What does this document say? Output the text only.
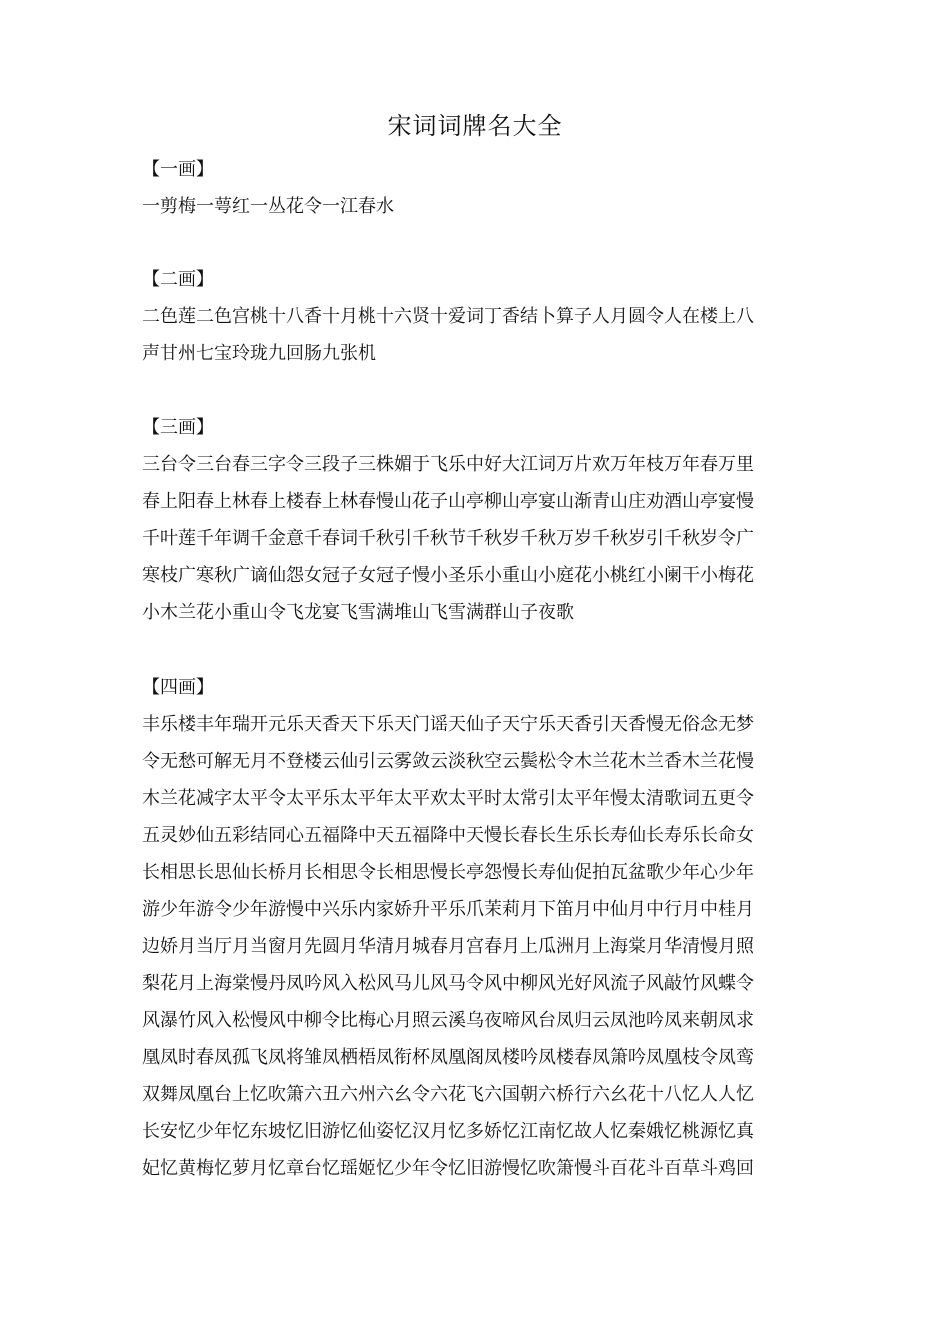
宋词词牌名大全
【一画】
一剪梅一萼红一丛花令一江春水
【二画】
二色莲二色宫桃十八香十月桃十六贤十爱词丁香结卜算子人月圆令人在楼上八
声甘州七宝玲珑九回肠九张机
【三画】
三台令三台春三字令三段子三株媚于飞乐中好大江词万片欢万年枝万年春万里
春上阳春上林春上楼春上林春慢山花子山亭柳山亭宴山渐青山庄劝酒山亭宴慢
千叶莲千年调千金意千春词千秋引千秋节千秋岁千秋万岁千秋岁引千秋岁令广
寒枝广寒秋广谪仙怨女冠子女冠子慢小圣乐小重山小庭花小桃红小阑干小梅花
小木兰花小重山令飞龙宴飞雪满堆山飞雪满群山子夜歌
【四画】
丰乐楼丰年瑞开元乐天香天下乐天门谣天仙子天宁乐天香引天香慢无俗念无梦
令无愁可解无月不登楼云仙引云雾敛云淡秋空云鬓松令木兰花木兰香木兰花慢
木兰花减字太平令太平乐太平年太平欢太平时太常引太平年慢太清歌词五更令
五灵妙仙五彩结同心五福降中天五福降中天慢长春长生乐长寿仙长寿乐长命女
长相思长思仙长桥月长相思令长相思慢长亭怨慢长寿仙促拍瓦盆歌少年心少年
游少年游令少年游慢中兴乐内家娇升平乐爪茉莉月下笛月中仙月中行月中桂月
边娇月当厅月当窗月先圆月华清月城春月宫春月上瓜洲月上海棠月华清慢月照
梨花月上海棠慢丹凤吟风入松风马儿风马令风中柳风光好风流子风敲竹风蝶令
风瀑竹风入松慢风中柳令比梅心月照云溪乌夜啼风台凤归云凤池吟凤来朝凤求
凰凤时春凤孤飞凤将雏凤栖梧凤衔杯凤凰阁凤楼吟凤楼春凤箫吟凤凰枝令凤鸾
双舞凤凰台上忆吹箫六丑六州六幺令六花飞六国朝六桥行六幺花十八忆人人忆
长安忆少年忆东坡忆旧游忆仙姿忆汉月忆多娇忆江南忆故人忆秦娥忆桃源忆真
妃忆黄梅忆萝月忆章台忆瑶姬忆少年令忆旧游慢忆吹箫慢斗百花斗百草斗鸡回
